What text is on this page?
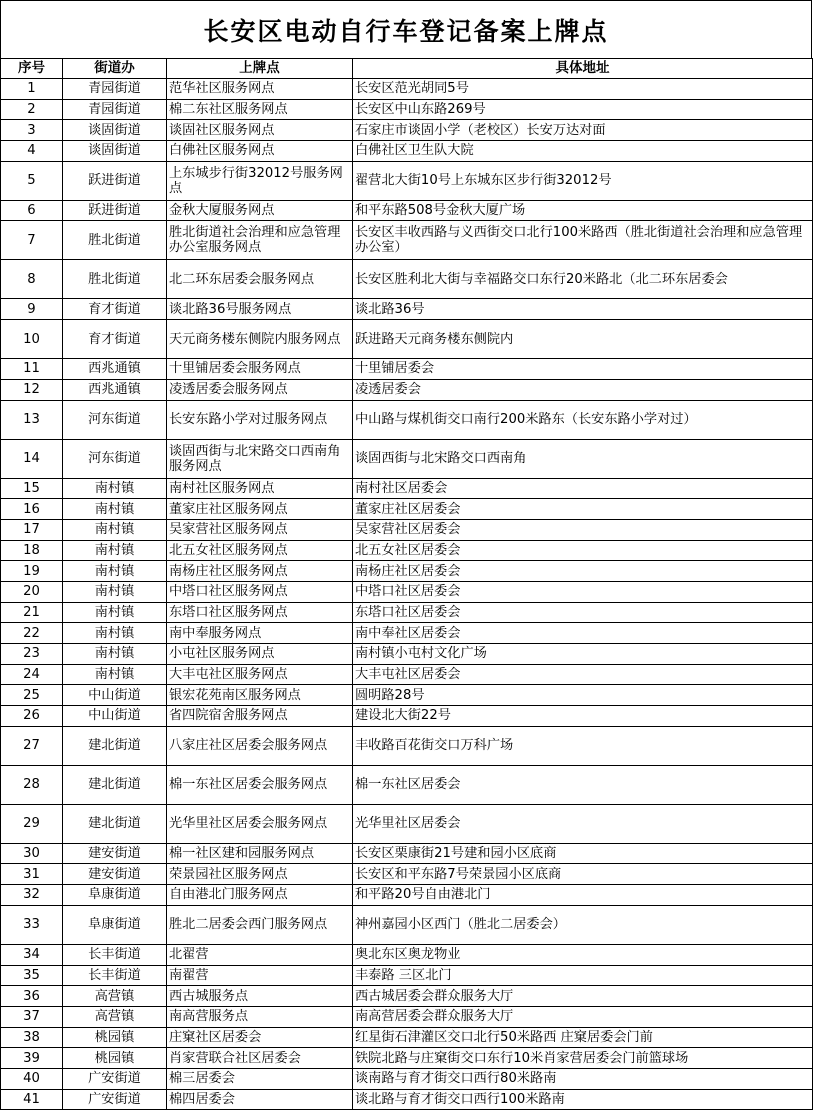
长安区电动自行车登记备案上牌点
序号	街道办	上牌点	具体地址
1	青园街道	范华社区服务网点	长安区范光胡同5号
2	青园街道	棉二东社区服务网点	长安区中山东路269号
3	谈固街道	谈固社区服务网点	石家庄市谈固小学（老校区）长安万达对面
4	谈固街道	白佛社区服务网点	白佛社区卫生队大院
5	跃进街道	上东城步行街32012号服务网点	翟营北大街10号上东城东区步行街32012号
6	跃进街道	金秋大厦服务网点	和平东路508号金秋大厦广场
7	胜北街道	胜北街道社会治理和应急管理办公室服务网点	长安区丰收西路与义西街交口北行100米路西（胜北街道社会治理和应急管理办公室）
8	胜北街道	北二环东居委会服务网点	长安区胜利北大街与幸福路交口东行20米路北（北二环东居委会
9	育才街道	谈北路36号服务网点	谈北路36号
10	育才街道	天元商务楼东侧院内服务网点	跃进路天元商务楼东侧院内
11	西兆通镇	十里铺居委会服务网点	十里铺居委会
12	西兆通镇	凌透居委会服务网点	凌透居委会
13	河东街道	长安东路小学对过服务网点	中山路与煤机街交口南行200米路东（长安东路小学对过）
14	河东街道	谈固西街与北宋路交口西南角服务网点	谈固西街与北宋路交口西南角
15	南村镇	南村社区服务网点	南村社区居委会
16	南村镇	董家庄社区服务网点	董家庄社区居委会
17	南村镇	吴家营社区服务网点	吴家营社区居委会
18	南村镇	北五女社区服务网点	北五女社区居委会
19	南村镇	南杨庄社区服务网点	南杨庄社区居委会
20	南村镇	中塔口社区服务网点	中塔口社区居委会
21	南村镇	东塔口社区服务网点	东塔口社区居委会
22	南村镇	南中奉服务网点	南中奉社区居委会
23	南村镇	小屯社区服务网点	南村镇小屯村文化广场
24	南村镇	大丰屯社区服务网点	大丰屯社区居委会
25	中山街道	银宏花苑南区服务网点	圆明路28号
26	中山街道	省四院宿舍服务网点	建设北大街22号
27	建北街道	八家庄社区居委会服务网点	丰收路百花街交口万科广场
28	建北街道	棉一东社区居委会服务网点	棉一东社区居委会
29	建北街道	光华里社区居委会服务网点	光华里社区居委会
30	建安街道	棉一社区建和园服务网点	长安区栗康街21号建和园小区底商
31	建安街道	荣景园社区服务网点	长安区和平东路7号荣景园小区底商
32	阜康街道	自由港北门服务网点	和平路20号自由港北门
33	阜康街道	胜北二居委会西门服务网点	神州嘉园小区西门（胜北二居委会）
34	长丰街道	北翟营	奥北东区奥龙物业
35	长丰街道	南翟营	丰泰路 三区北门
36	高营镇	西古城服务点	西古城居委会群众服务大厅
37	高营镇	南高营服务点	南高营居委会群众服务大厅
38	桃园镇	庄窠社区居委会	红星街石津灌区交口北行50米路西 庄窠居委会门前
39	桃园镇	肖家营联合社区居委会	铁院北路与庄窠街交口东行10米肖家营居委会门前篮球场
40	广安街道	棉三居委会	谈南路与育才街交口西行80米路南
41	广安街道	棉四居委会	谈北路与育才街交口西行100米路南
